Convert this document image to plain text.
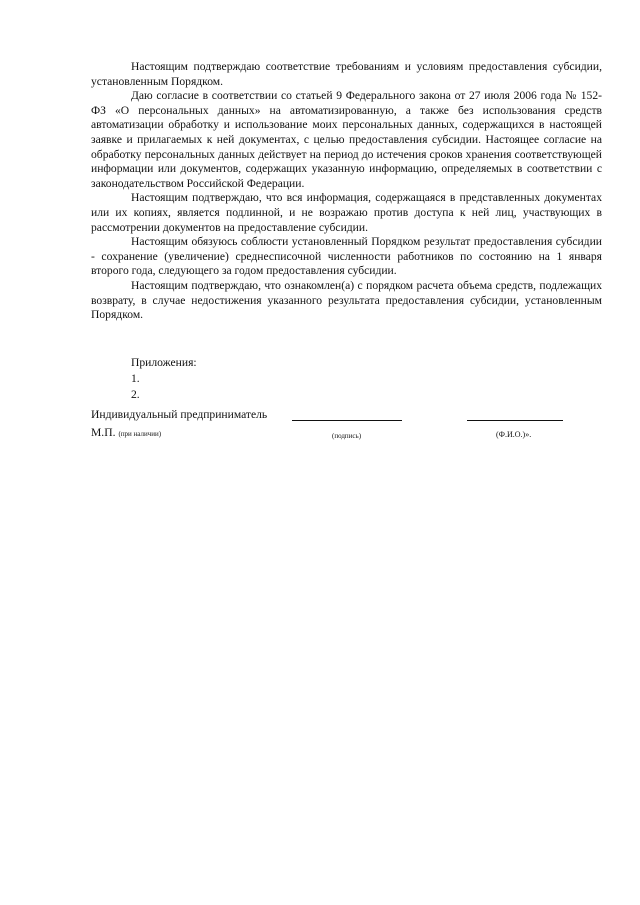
Настоящим подтверждаю соответствие требованиям и условиям предоставления субсидии, установленным Порядком.

Даю согласие в соответствии со статьей 9 Федерального закона от 27 июля 2006 года № 152-ФЗ «О персональных данных» на автоматизированную, а также без использования средств автоматизации обработку и использование моих персональных данных, содержащихся в настоящей заявке и прилагаемых к ней документах, с целью предоставления субсидии. Настоящее согласие на обработку персональных данных действует на период до истечения сроков хранения соответствующей информации или документов, содержащих указанную информацию, определяемых в соответствии с законодательством Российской Федерации.

Настоящим подтверждаю, что вся информация, содержащаяся в представленных документах или их копиях, является подлинной, и не возражаю против доступа к ней лиц, участвующих в рассмотрении документов на предоставление субсидии.

Настоящим обязуюсь соблюсти установленный Порядком результат предоставления субсидии - сохранение (увеличение) среднесписочной численности работников по состоянию на 1 января второго года, следующего за годом предоставления субсидии.

Настоящим подтверждаю, что ознакомлен(а) с порядком расчета объема средств, подлежащих возврату, в случае недостижения указанного результата предоставления субсидии, установленным Порядком.

Приложения:
1.
2.
Индивидуальный предприниматель
М.П. (при наличии)	(подпись)	(Ф.И.О.)».
